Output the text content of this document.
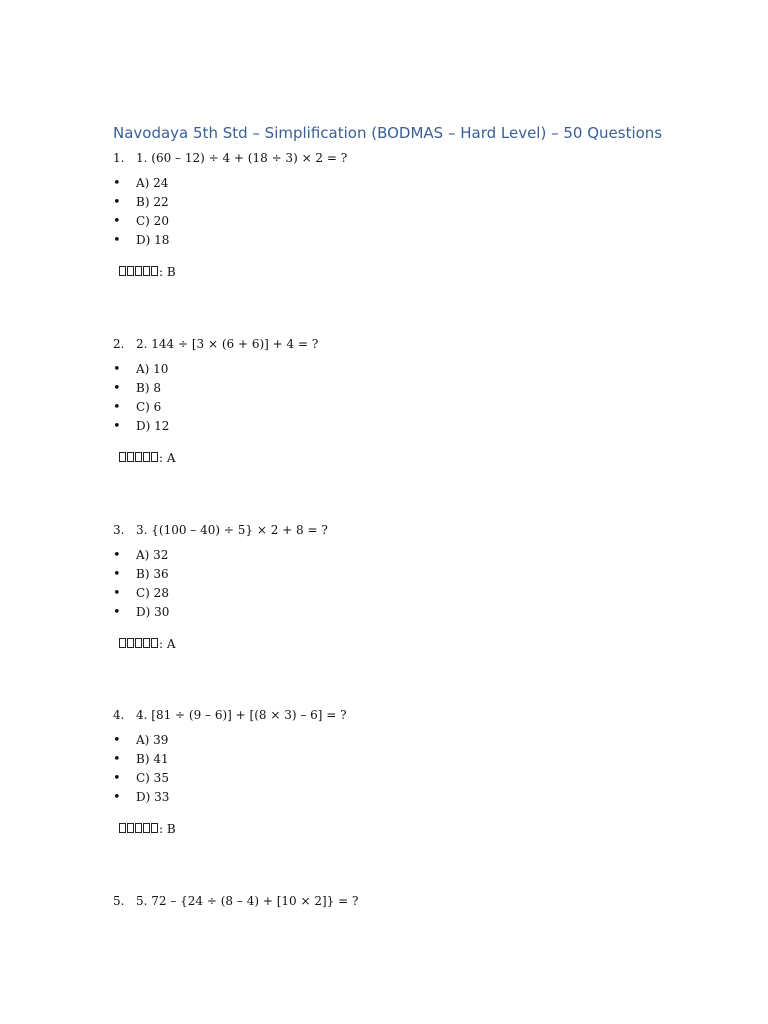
Navodaya 5th Std – Simplification (BODMAS – Hard Level) – 50 Questions
1. 1. (60 – 12) ÷ 4 + (18 ÷ 3) × 2 = ?
• A) 24
• B) 22
• C) 20
• D) 18
: B
2. 2. 144 ÷ [3 × (6 + 6)] + 4 = ?
• A) 10
• B) 8
• C) 6
• D) 12
: A
3. 3. {(100 – 40) ÷ 5} × 2 + 8 = ?
• A) 32
• B) 36
• C) 28
• D) 30
: A
4. 4. [81 ÷ (9 – 6)] + [(8 × 3) – 6] = ?
• A) 39
• B) 41
• C) 35
• D) 33
: B
5. 5. 72 – {24 ÷ (8 – 4) + [10 × 2]} = ?
